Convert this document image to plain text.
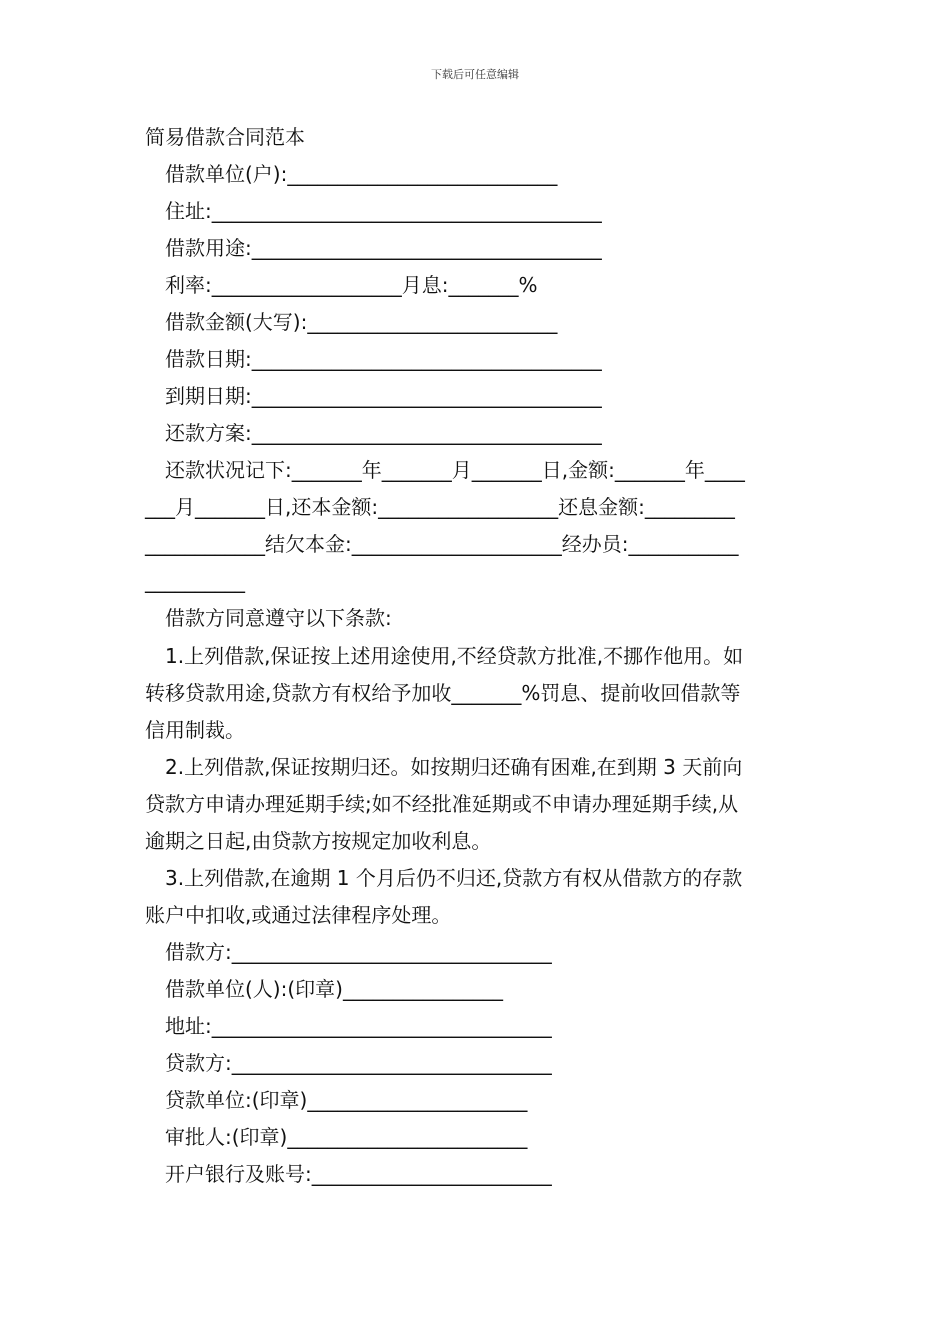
下载后可任意编辑
简易借款合同范本
借款单位(户):___________________________
住址:_______________________________________
借款用途:___________________________________
利率:___________________月息:_______%
借款金额(大写):_________________________
借款日期:___________________________________
到期日期:___________________________________
还款方案:___________________________________
还款状况记下:_______年_______月_______日,金额:_______年____
___月_______日,还本金额:__________________还息金额:_________
____________结欠本金:_____________________经办员:___________
__________
借款方同意遵守以下条款:
1.上列借款,保证按上述用途使用,不经贷款方批准,不挪作他用。如
转移贷款用途,贷款方有权给予加收_______%罚息、提前收回借款等
信用制裁。
2.上列借款,保证按期归还。如按期归还确有困难,在到期 3 天前向
贷款方申请办理延期手续;如不经批准延期或不申请办理延期手续,从
逾期之日起,由贷款方按规定加收利息。
3.上列借款,在逾期 1 个月后仍不归还,贷款方有权从借款方的存款
账户中扣收,或通过法律程序处理。
借款方:________________________________
借款单位(人):(印章)________________
地址:__________________________________
贷款方:________________________________
贷款单位:(印章)______________________
审批人:(印章)________________________
开户银行及账号:________________________
